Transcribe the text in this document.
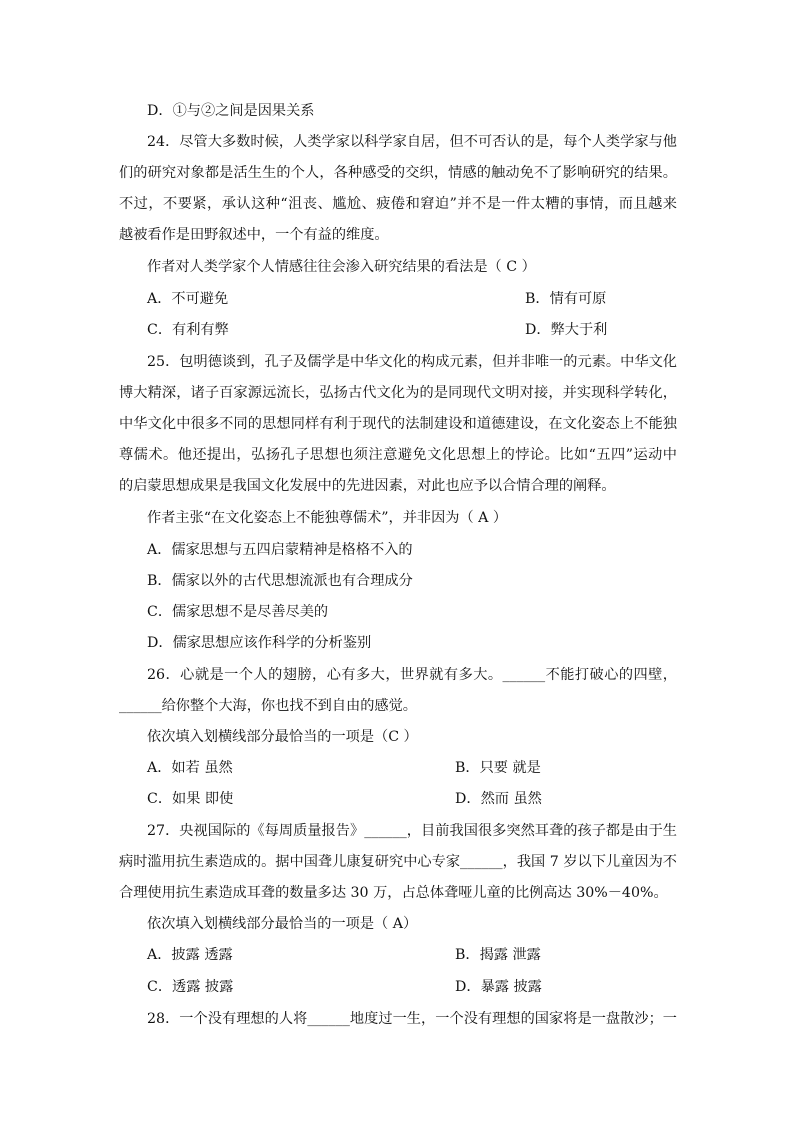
D．①与②之间是因果关系
24．尽管大多数时候，人类学家以科学家自居，但不可否认的是，每个人类学家与他
们的研究对象都是活生生的个人，各种感受的交织，情感的触动免不了影响研究的结果。
不过，不要紧，承认这种“沮丧、尴尬、疲倦和窘迫”并不是一件太糟的事情，而且越来
越被看作是田野叙述中，一个有益的维度。
作者对人类学家个人情感往往会渗入研究结果的看法是（ C ）
A．不可避免	B．情有可原
C．有利有弊	D．弊大于利
25．包明德谈到，孔子及儒学是中华文化的构成元素，但并非唯一的元素。中华文化
博大精深，诸子百家源远流长，弘扬古代文化为的是同现代文明对接，并实现科学转化，
中华文化中很多不同的思想同样有利于现代的法制建设和道德建设，在文化姿态上不能独
尊儒术。他还提出，弘扬孔子思想也须注意避免文化思想上的悖论。比如“五四”运动中
的启蒙思想成果是我国文化发展中的先进因素，对此也应予以合情合理的阐释。
作者主张“在文化姿态上不能独尊儒术”，并非因为（ A ）
A．儒家思想与五四启蒙精神是格格不入的
B．儒家以外的古代思想流派也有合理成分
C．儒家思想不是尽善尽美的
D．儒家思想应该作科学的分析鉴别
26．心就是一个人的翅膀，心有多大，世界就有多大。______不能打破心的四壁，
______给你整个大海，你也找不到自由的感觉。
依次填入划横线部分最恰当的一项是（C ）
A．如若 虽然	B．只要 就是
C．如果 即使	D．然而 虽然
27．央视国际的《每周质量报告》______，目前我国很多突然耳聋的孩子都是由于生
病时滥用抗生素造成的。据中国聋儿康复研究中心专家______，我国 7 岁以下儿童因为不
合理使用抗生素造成耳聋的数量多达 30 万，占总体聋哑儿童的比例高达 30%－40%。
依次填入划横线部分最恰当的一项是（ A）
A．披露 透露	B．揭露 泄露
C．透露 披露	D．暴露 披露
28．一个没有理想的人将______地度过一生，一个没有理想的国家将是一盘散沙；一
